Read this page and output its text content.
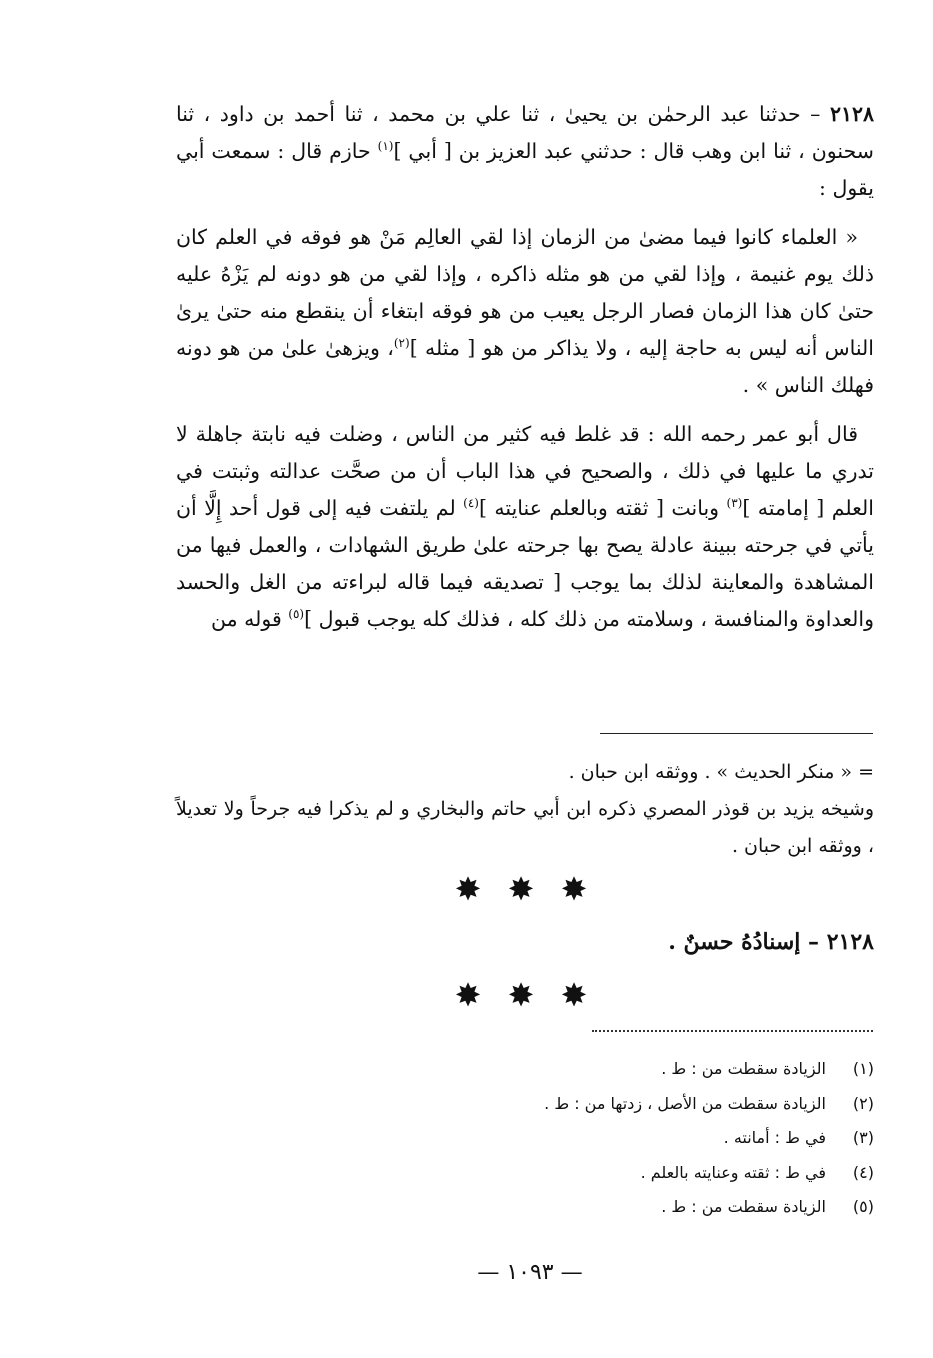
٢١٢٨ – حدثنا عبد الرحمٰن بن يحيىٰ ، ثنا علي بن محمد ، ثنا أحمد بن داود ، ثنا سحنون ، ثنا ابن وهب قال : حدثني عبد العزيز بن [ أبي ]$^{(١)}$ حازم قال : سمعت أبي يقول :

« العلماء كانوا فيما مضىٰ من الزمان إذا لقي العالِم مَنْ هو فوقه في العلم كان ذلك يوم غنيمة ، وإذا لقي من هو مثله ذاكره ، وإذا لقي من هو دونه لم يَزْهُ عليه حتىٰ كان هذا الزمان فصار الرجل يعيب من هو فوقه ابتغاء أن ينقطع منه حتىٰ يرىٰ الناس أنه ليس به حاجة إليه ، ولا يذاكر من هو [ مثله ]$^{(٢)}$، ويزهىٰ علىٰ من هو دونه فهلك الناس » .

قال أبو عمر رحمه الله : قد غلط فيه كثير من الناس ، وضلت فيه نابتة جاهلة لا تدري ما عليها في ذلك ، والصحيح في هذا الباب أن من صحَّت عدالته وثبتت في العلم [ إمامته ]$^{(٣)}$ وبانت [ ثقته وبالعلم عنايته ]$^{(٤)}$ لم يلتفت فيه إلى قول أحد إِلَّا أن يأتي في جرحته ببينة عادلة يصح بها جرحته علىٰ طريق الشهادات ، والعمل فيها من المشاهدة والمعاينة لذلك بما يوجب [ تصديقه فيما قاله لبراءته من الغل والحسد والعداوة والمنافسة ، وسلامته من ذلك كله ، فذلك كله يوجب قبول ]$^{(٥)}$ قوله من

= « منكر الحديث » . ووثقه ابن حبان .

وشيخه يزيد بن قوذر المصري ذكره ابن أبي حاتم والبخاري و لم يذكرا فيه جرحاً ولا تعديلاً ، ووثقه ابن حبان .

✸ ✸ ✸
٢١٢٨ – إسنادُهُ حسنٌ .
✸ ✸ ✸
(١)
الزيادة سقطت من : ط .
(٢)
الزيادة سقطت من الأصل ، زدتها من : ط .
(٣)
في ط : أمانته .
(٤)
في ط : ثقته وعنايته بالعلم .
(٥)
الزيادة سقطت من : ط .
— ١٠٩٣ —
